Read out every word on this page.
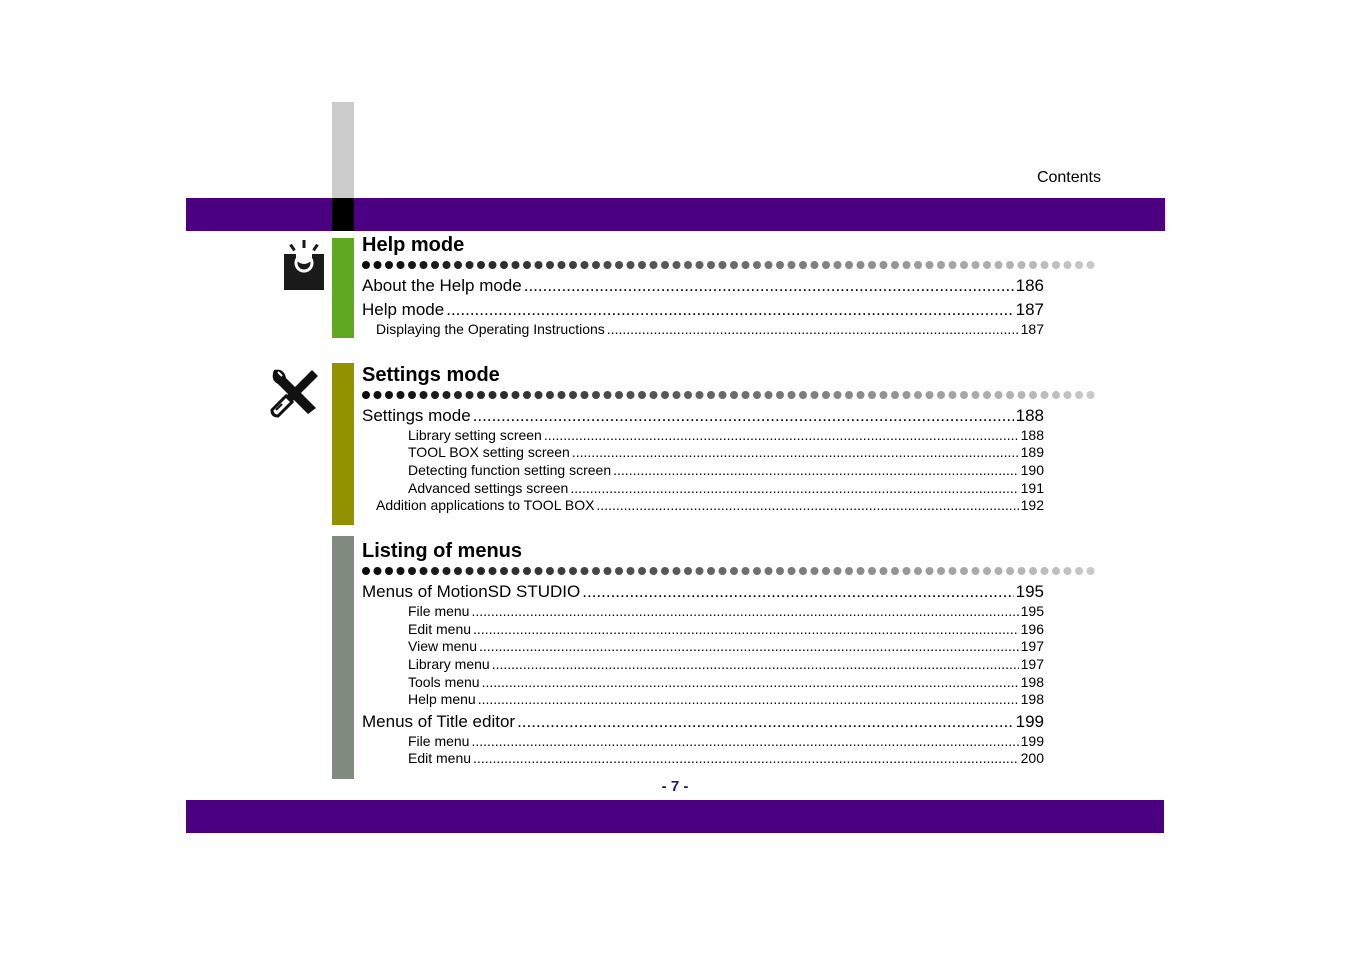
Contents
Help mode
About the Help mode .....	186
Help mode .....	187
Displaying the Operating Instructions .....	187
Settings mode
Settings mode .....	188
Library setting screen .....	188
TOOL BOX setting screen .....	189
Detecting function setting screen .....	190
Advanced settings screen .....	191
Addition applications to TOOL BOX .....	192
Listing of menus
Menus of MotionSD STUDIO .....	195
File menu .....	195
Edit menu .....	196
View menu .....	197
Library menu .....	197
Tools menu .....	198
Help menu .....	198
Menus of Title editor .....	199
File menu .....	199
Edit menu .....	200
- 7 -
